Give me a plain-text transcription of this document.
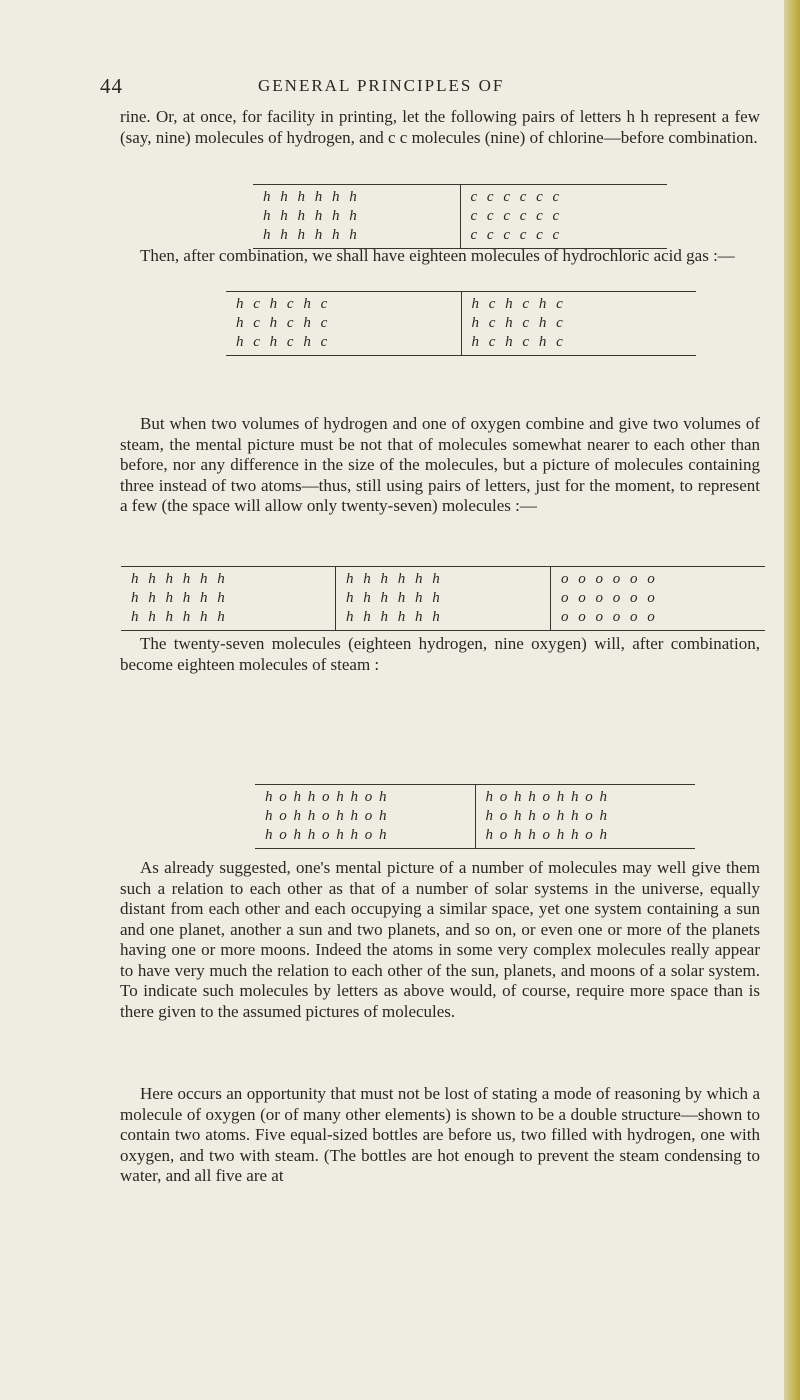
44	GENERAL PRINCIPLES OF

rine. Or, at once, for facility in printing, let the following pairs of letters h h represent a few (say, nine) molecules of hydrogen, and c c molecules (nine) of chlorine—before combination.

h h h h h h
h h h h h h
h h h h h h
c c c c c c
c c c c c c
c c c c c c

Then, after combination, we shall have eighteen molecules of hydrochloric acid gas :—

h c h c h c
h c h c h c
h c h c h c
h c h c h c
h c h c h c
h c h c h c

But when two volumes of hydrogen and one of oxygen combine and give two volumes of steam, the mental picture must be not that of molecules somewhat nearer to each other than before, nor any difference in the size of the molecules, but a picture of molecules containing three instead of two atoms—thus, still using pairs of letters, just for the moment, to represent a few (the space will allow only twenty-seven) molecules :—

h h h h h h
h h h h h h
h h h h h h
h h h h h h
h h h h h h
h h h h h h
o o o o o o
o o o o o o
o o o o o o

The twenty-seven molecules (eighteen hydrogen, nine oxygen) will, after combination, become eighteen molecules of steam :

h o h h o h h o h
h o h h o h h o h
h o h h o h h o h
h o h h o h h o h
h o h h o h h o h
h o h h o h h o h

As already suggested, one's mental picture of a number of molecules may well give them such a relation to each other as that of a number of solar systems in the universe, equally distant from each other and each occupying a similar space, yet one system containing a sun and one planet, another a sun and two planets, and so on, or even one or more of the planets having one or more moons. Indeed the atoms in some very complex molecules really appear to have very much the relation to each other of the sun, planets, and moons of a solar system. To indicate such molecules by letters as above would, of course, require more space than is there given to the assumed pictures of molecules.

Here occurs an opportunity that must not be lost of stating a mode of reasoning by which a molecule of oxygen (or of many other elements) is shown to be a double structure—shown to contain two atoms. Five equal-sized bottles are before us, two filled with hydrogen, one with oxygen, and two with steam. (The bottles are hot enough to prevent the steam condensing to water, and all five are at
